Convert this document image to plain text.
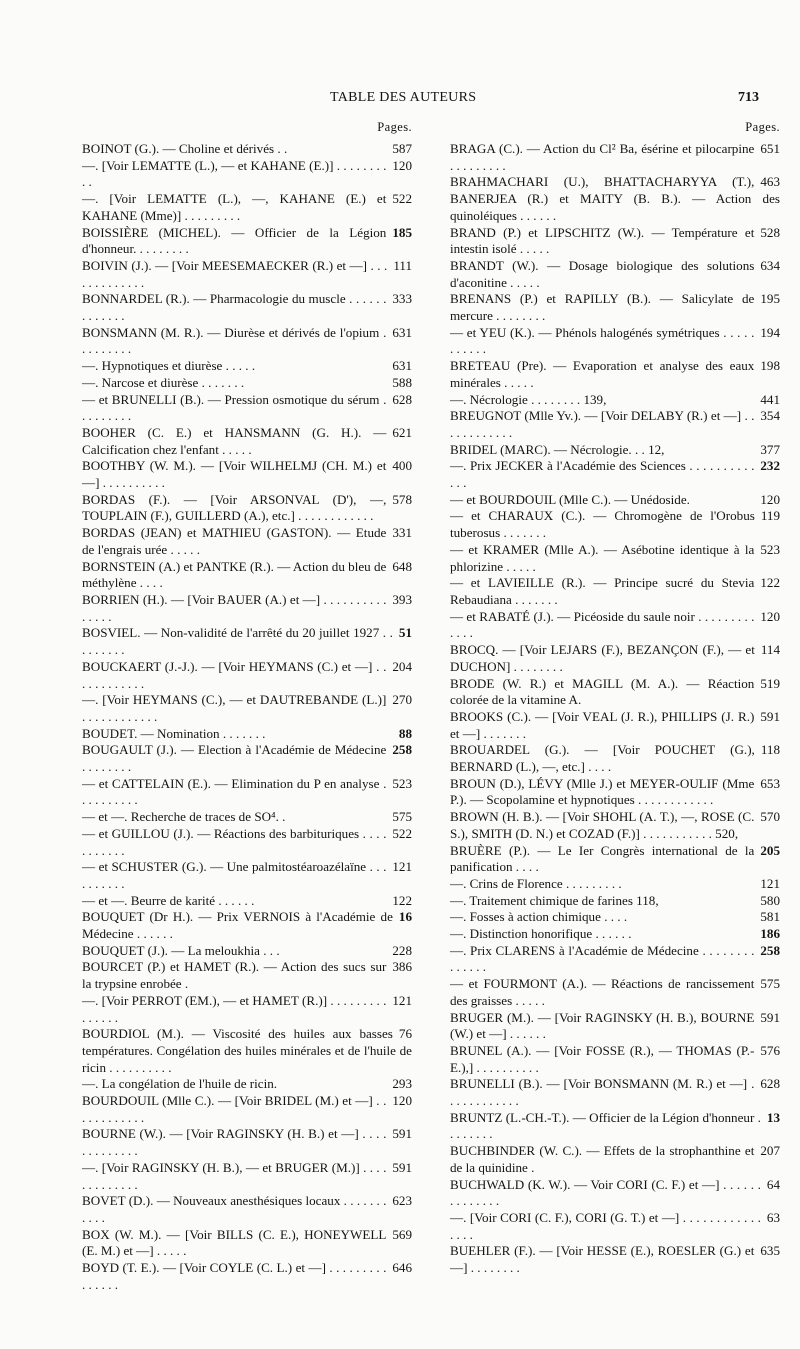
TABLE DES AUTEURS	713
Pages.
587
BOINOT (G.). — Choline et dérivés . .
120
—. [Voir LEMATTE (L.), — et KAHANE (E.)] . . . . . . . . . .
522
—. [Voir LEMATTE (L.), —, KAHANE (E.) et KAHANE (Mme)] . . . . . . . . .
185
BOISSIÈRE (MICHEL). — Officier de la Légion d'honneur. . . . . . . . .
111
BOIVIN (J.). — [Voir MEESEMAECKER (R.) et —] . . . . . . . . . . . . .
333
BONNARDEL (R.). — Pharmacologie du muscle . . . . . . . . . . . . .
631
BONSMANN (M. R.). — Diurèse et dérivés de l'opium . . . . . . . . .
631
—. Hypnotiques et diurèse . . . . .
588
—. Narcose et diurèse . . . . . . .
628
— et BRUNELLI (B.). — Pression osmotique du sérum . . . . . . . . .
621
BOOHER (C. E.) et HANSMANN (G. H.). — Calcification chez l'enfant . . . . .
400
BOOTHBY (W. M.). — [Voir WILHELMJ (CH. M.) et —] . . . . . . . . . .
578
BORDAS (F.). — [Voir ARSONVAL (D'), —, TOUPLAIN (F.), GUILLERD (A.), etc.] . . . . . . . . . . . .
331
BORDAS (JEAN) et MATHIEU (GASTON). — Etude de l'engrais urée . . . . .
648
BORNSTEIN (A.) et PANTKE (R.). — Action du bleu de méthylène . . . .
393
BORRIEN (H.). — [Voir BAUER (A.) et —] . . . . . . . . . . . . . . .
51
BOSVIEL. — Non-validité de l'arrêté du 20 juillet 1927 . . . . . . . . .
204
BOUCKAERT (J.-J.). — [Voir HEYMANS (C.) et —] . . . . . . . . . . . .
270
—. [Voir HEYMANS (C.), — et DAUTREBANDE (L.)] . . . . . . . . . . . .
88
BOUDET. — Nomination . . . . . . .
258
BOUGAULT (J.). — Election à l'Académie de Médecine . . . . . . . .
523
— et CATTELAIN (E.). — Elimination du P en analyse . . . . . . . . . .
575
— et —. Recherche de traces de SO⁴. .
522
— et GUILLOU (J.). — Réactions des barbituriques . . . . . . . . . . .
121
— et SCHUSTER (G.). — Une palmitostéaroazélaïne . . . . . . . . . .
122
— et —. Beurre de karité . . . . . .
16
BOUQUET (Dr H.). — Prix VERNOIS à l'Académie de Médecine . . . . . .
228
BOUQUET (J.). — La meloukhia . . .
386
BOURCET (P.) et HAMET (R.). — Action des sucs sur la trypsine enrobée .
121
—. [Voir PERROT (EM.), — et HAMET (R.)] . . . . . . . . . . . . . . .
76
BOURDIOL (M.). — Viscosité des huiles aux basses températures. Congélation des huiles minérales et de l'huile de ricin . . . . . . . . . .
293
—. La congélation de l'huile de ricin.
120
BOURDOUIL (Mlle C.). — [Voir BRIDEL (M.) et —] . . . . . . . . . . . .
591
BOURNE (W.). — [Voir RAGINSKY (H. B.) et —] . . . . . . . . . . . . .
591
—. [Voir RAGINSKY (H. B.), — et BRUGER (M.)] . . . . . . . . . . . . .
623
BOVET (D.). — Nouveaux anesthésiques locaux . . . . . . . . . . .
569
BOX (W. M.). — [Voir BILLS (C. E.), HONEYWELL (E. M.) et —] . . . . .
646
BOYD (T. E.). — [Voir COYLE (C. L.) et —] . . . . . . . . . . . . . . .
Pages.
651
BRAGA (C.). — Action du Cl² Ba, ésérine et pilocarpine . . . . . . . . .
463
BRAHMACHARI (U.), BHATTACHARYYA (T.), BANERJEA (R.) et MAITY (B. B.). — Action des quinoléiques . . . . . .
528
BRAND (P.) et LIPSCHITZ (W.). — Température et intestin isolé . . . . .
634
BRANDT (W.). — Dosage biologique des solutions d'aconitine . . . . .
195
BRENANS (P.) et RAPILLY (B.). — Salicylate de mercure . . . . . . . .
194
— et YEU (K.). — Phénols halogénés symétriques . . . . . . . . . . .
198
BRETEAU (Pre). — Evaporation et analyse des eaux minérales . . . . .
441
—. Nécrologie . . . . . . . . 139,
354
BREUGNOT (Mlle Yv.). — [Voir DELABY (R.) et —] . . . . . . . . . . . .
377
BRIDEL (MARC). — Nécrologie. . . 12,
232
—. Prix JECKER à l'Académie des Sciences . . . . . . . . . . . . .
120
— et BOURDOUIL (Mlle C.). — Unédoside.
119
— et CHARAUX (C.). — Chromogène de l'Orobus tuberosus . . . . . . .
523
— et KRAMER (Mlle A.). — Asébotine identique à la phlorizine . . . . .
122
— et LAVIEILLE (R.). — Principe sucré du Stevia Rebaudiana . . . . . . .
120
— et RABATÉ (J.). — Picéoside du saule noir . . . . . . . . . . . . .
114
BROCQ. — [Voir LEJARS (F.), BEZANÇON (F.), — et DUCHON] . . . . . . . .
519
BRODE (W. R.) et MAGILL (M. A.). — Réaction colorée de la vitamine A.
591
BROOKS (C.). — [Voir VEAL (J. R.), PHILLIPS (J. R.) et —] . . . . . . .
118
BROUARDEL (G.). — [Voir POUCHET (G.), BERNARD (L.), —, etc.] . . . .
653
BROUN (D.), LÉVY (Mlle J.) et MEYER-OULIF (Mme P.). — Scopolamine et hypnotiques . . . . . . . . . . . .
570
BROWN (H. B.). — [Voir SHOHL (A. T.), —, ROSE (C. S.), SMITH (D. N.) et COZAD (F.)] . . . . . . . . . . . 520,
205
BRUÈRE (P.). — Le Ier Congrès international de la panification . . . .
121
—. Crins de Florence . . . . . . . . .
580
—. Traitement chimique de farines 118,
581
—. Fosses à action chimique . . . .
186
—. Distinction honorifique . . . . . .
258
—. Prix CLARENS à l'Académie de Médecine . . . . . . . . . . . . . .
575
— et FOURMONT (A.). — Réactions de rancissement des graisses . . . . .
591
BRUGER (M.). — [Voir RAGINSKY (H. B.), BOURNE (W.) et —] . . . . . .
576
BRUNEL (A.). — [Voir FOSSE (R.), — THOMAS (P.-E.),] . . . . . . . . . .
628
BRUNELLI (B.). — [Voir BONSMANN (M. R.) et —] . . . . . . . . . . . .
13
BRUNTZ (L.-CH.-T.). — Officier de la Légion d'honneur . . . . . . . .
207
BUCHBINDER (W. C.). — Effets de la strophanthine et de la quinidine .
64
BUCHWALD (K. W.). — Voir CORI (C. F.) et —] . . . . . . . . . . . . . .
63
—. [Voir CORI (C. F.), CORI (G. T.) et —] . . . . . . . . . . . . . . . .
635
BUEHLER (F.). — [Voir HESSE (E.), ROESLER (G.) et —] . . . . . . . .
